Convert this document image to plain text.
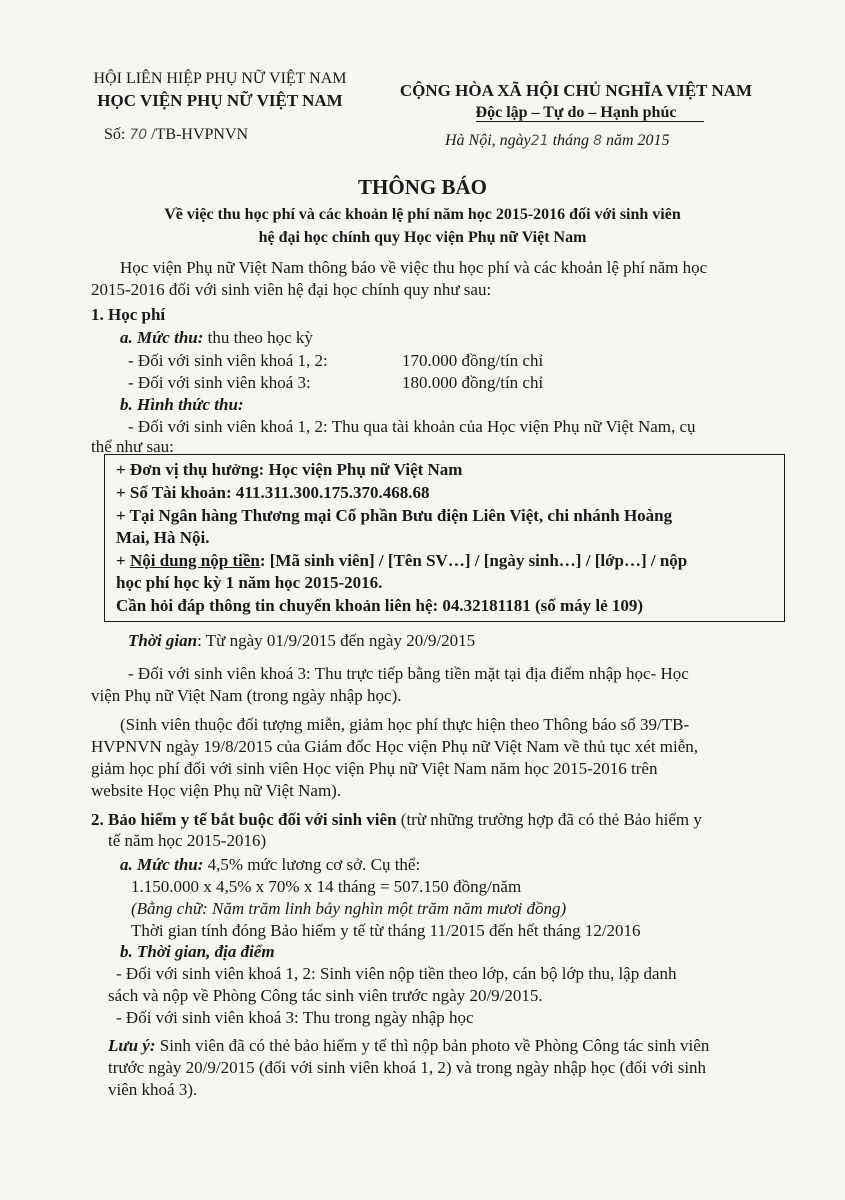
HỘI LIÊN HIỆP PHỤ NỮ VIỆT NAM
HỌC VIỆN PHỤ NỮ VIỆT NAM
Số: 70 /TB-HVPNVN
CỘNG HÒA XÃ HỘI CHỦ NGHĨA VIỆT NAM
Độc lập – Tự do – Hạnh phúc
Hà Nội, ngày21 tháng 8 năm 2015
THÔNG BÁO
Về việc thu học phí và các khoản lệ phí năm học 2015-2016 đối với sinh viên
hệ đại học chính quy Học viện Phụ nữ Việt Nam
Học viện Phụ nữ Việt Nam thông báo về việc thu học phí và các khoản lệ phí năm học
2015-2016 đối với sinh viên hệ đại học chính quy như sau:
1. Học phí
a. Mức thu: thu theo học kỳ
- Đối với sinh viên khoá 1, 2:	170.000 đồng/tín chỉ
- Đối với sinh viên khoá 3:	180.000 đồng/tín chỉ
b. Hình thức thu:
- Đối với sinh viên khoá 1, 2: Thu qua tài khoản của Học viện Phụ nữ Việt Nam, cụ
thể như sau:
+ Đơn vị thụ hưởng: Học viện Phụ nữ Việt Nam
+ Số Tài khoản: 411.311.300.175.370.468.68
+ Tại Ngân hàng Thương mại Cổ phần Bưu điện Liên Việt, chi nhánh Hoàng
Mai, Hà Nội.
+ Nội dung nộp tiền: [Mã sinh viên] / [Tên SV…] / [ngày sinh…] / [lớp…] / nộp
học phí học kỳ 1 năm học 2015-2016.
Cần hỏi đáp thông tin chuyển khoản liên hệ: 04.32181181 (số máy lẻ 109)
Thời gian: Từ ngày 01/9/2015 đến ngày 20/9/2015
- Đối với sinh viên khoá 3: Thu trực tiếp bằng tiền mặt tại địa điểm nhập học- Học
viện Phụ nữ Việt Nam (trong ngày nhập học).
(Sinh viên thuộc đối tượng miễn, giảm học phí thực hiện theo Thông báo số 39/TB-
HVPNVN ngày 19/8/2015 của Giám đốc Học viện Phụ nữ Việt Nam về thủ tục xét miễn,
giảm học phí đối với sinh viên Học viện Phụ nữ Việt Nam năm học 2015-2016 trên
website Học viện Phụ nữ Việt Nam).
2. Bảo hiểm y tế bắt buộc đối với sinh viên (trừ những trường hợp đã có thẻ Bảo hiểm y
tế năm học 2015-2016)
a. Mức thu: 4,5% mức lương cơ sở. Cụ thể:
1.150.000 x 4,5% x 70% x 14 tháng = 507.150 đồng/năm
(Bằng chữ: Năm trăm linh bảy nghìn một trăm năm mươi đồng)
Thời gian tính đóng Bảo hiểm y tế từ tháng 11/2015 đến hết tháng 12/2016
b. Thời gian, địa điểm
- Đối với sinh viên khoá 1, 2: Sinh viên nộp tiền theo lớp, cán bộ lớp thu, lập danh
sách và nộp về Phòng Công tác sinh viên trước ngày 20/9/2015.
- Đối với sinh viên khoá 3: Thu trong ngày nhập học
Lưu ý: Sinh viên đã có thẻ bảo hiểm y tế thì nộp bản photo về Phòng Công tác sinh viên
trước ngày 20/9/2015 (đối với sinh viên khoá 1, 2) và trong ngày nhập học (đối với sinh
viên khoá 3).
